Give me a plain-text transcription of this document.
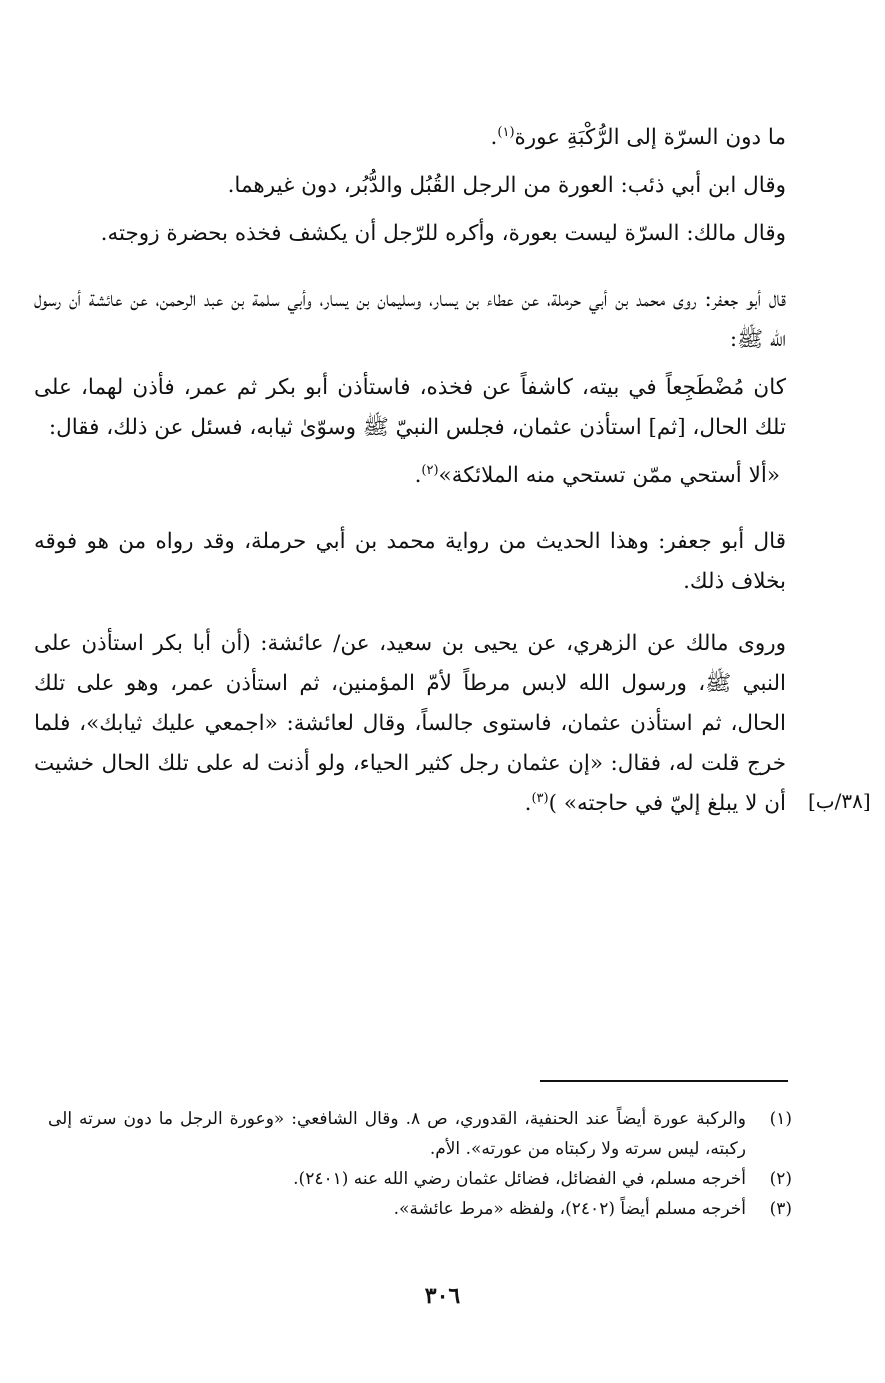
ما دون السرّة إلى الرُّكْبَةِ عورة$^{(١)}$.

وقال ابن أبي ذئب: العورة من الرجل القُبُل والدُّبُر، دون غيرهما.

وقال مالك: السرّة ليست بعورة، وأكره للرّجل أن يكشف فخذه بحضرة زوجته.

قال أبو جعفر: روى محمد بن أبي حرملة، عن عطاء بن يسار، وسليمان بن يسار، وأبي سلمة بن عبد الرحمن، عن عائشة أن رسول الله ﷺ:

كان مُضْطَجِعاً في بيته، كاشفاً عن فخذه، فاستأذن أبو بكر ثم عمر، فأذن لهما، على تلك الحال، [ثم] استأذن عثمان، فجلس النبيّ ﷺ وسوّىٰ ثيابه، فسئل عن ذلك، فقال:

«ألا أستحي ممّن تستحي منه الملائكة»$^{(٢)}$.

قال أبو جعفر: وهذا الحديث من رواية محمد بن أبي حرملة، وقد رواه من هو فوقه بخلاف ذلك.

وروى مالك عن الزهري، عن يحيى بن سعيد، عن/ عائشة: (أن أبا بكر استأذن على النبي ﷺ، ورسول الله لابس مرطاً لأمّ المؤمنين، ثم استأذن عمر، وهو على تلك الحال، ثم استأذن عثمان، فاستوى جالساً، وقال لعائشة: «اجمعي عليك ثيابك»، فلما خرج قلت له، فقال: «إن عثمان رجل كثير الحياء، ولو أذنت له على تلك الحال خشيت أن لا يبلغ إليّ في حاجته» )$^{(٣)}$.	[٣٨/ب]
(١)
والركبة عورة أيضاً عند الحنفية، القدوري، ص ٨. وقال الشافعي: «وعورة الرجل ما دون سرته إلى ركبته، ليس سرته ولا ركبتاه من عورته». الأم.
(٢)
أخرجه مسلم، في الفضائل، فضائل عثمان رضي الله عنه (٢٤٠١).
(٣)
أخرجه مسلم أيضاً (٢٤٠٢)، ولفظه «مرط عائشة».
٣٠٦
